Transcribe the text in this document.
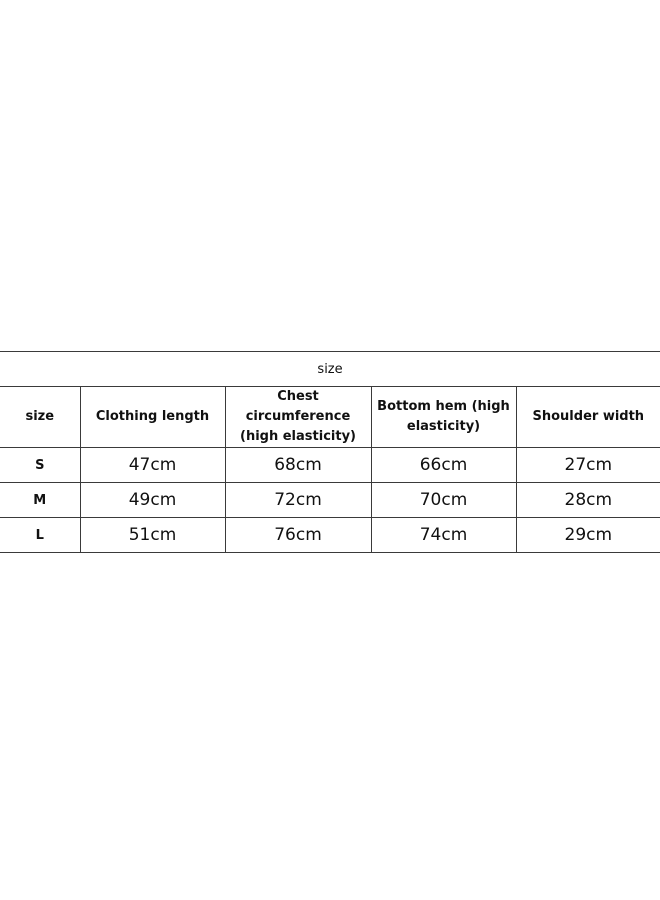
size				

size	Clothing length	Chest circumference (high elasticity)	Bottom hem (high elasticity)	Shoulder width

S	47cm	68cm	66cm	27cm
M	49cm	72cm	70cm	28cm
L	51cm	76cm	74cm	29cm
